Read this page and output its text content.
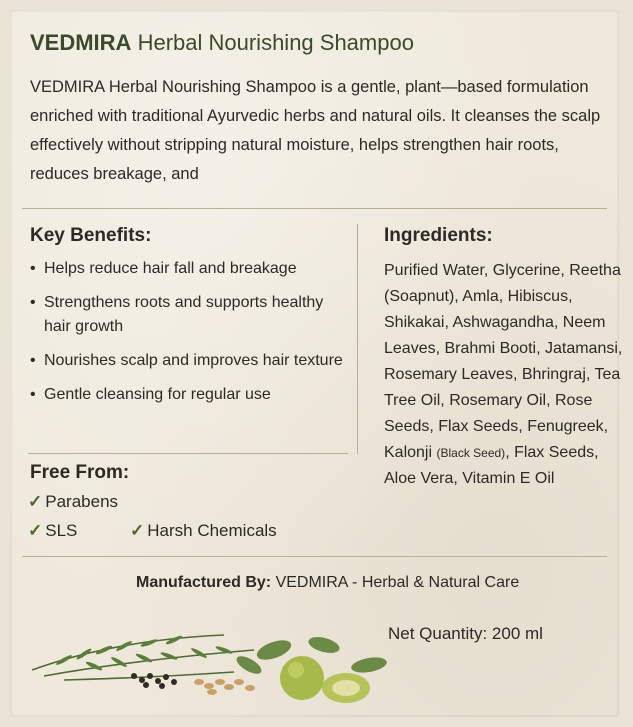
VEDMIRA Herbal Nourishing Shampoo

VEDMIRA Herbal Nourishing Shampoo is a gentle, plant—based formulation enriched with traditional Ayurvedic herbs and natural oils. It cleanses the scalp effectively without stripping natural moisture, helps strengthen hair roots, reduces breakage, and

Key Benefits:
• Helps reduce hair fall and breakage
• Strengthens roots and supports healthy hair growth
• Nourishes scalp and improves hair texture
• Gentle cleansing for regular use
Ingredients:

Purified Water, Glycerine, Reetha (Soapnut), Amla, Hibiscus, Shikakai, Ashwagandha, Neem Leaves, Brahmi Booti, Jatamansi, Rosemary Leaves, Bhringraj, Tea Tree Oil, Rosemary Oil, Rose Seeds, Flax Seeds, Fenugreek, Kalonji (Black Seed), Flax Seeds, Aloe Vera, Vitamin E Oil

Free From:
✓ Parabens
✓ SLS	✓ Harsh Chemicals
Manufactured By: VEDMIRA - Herbal & Natural Care
Net Quantity: 200 ml
